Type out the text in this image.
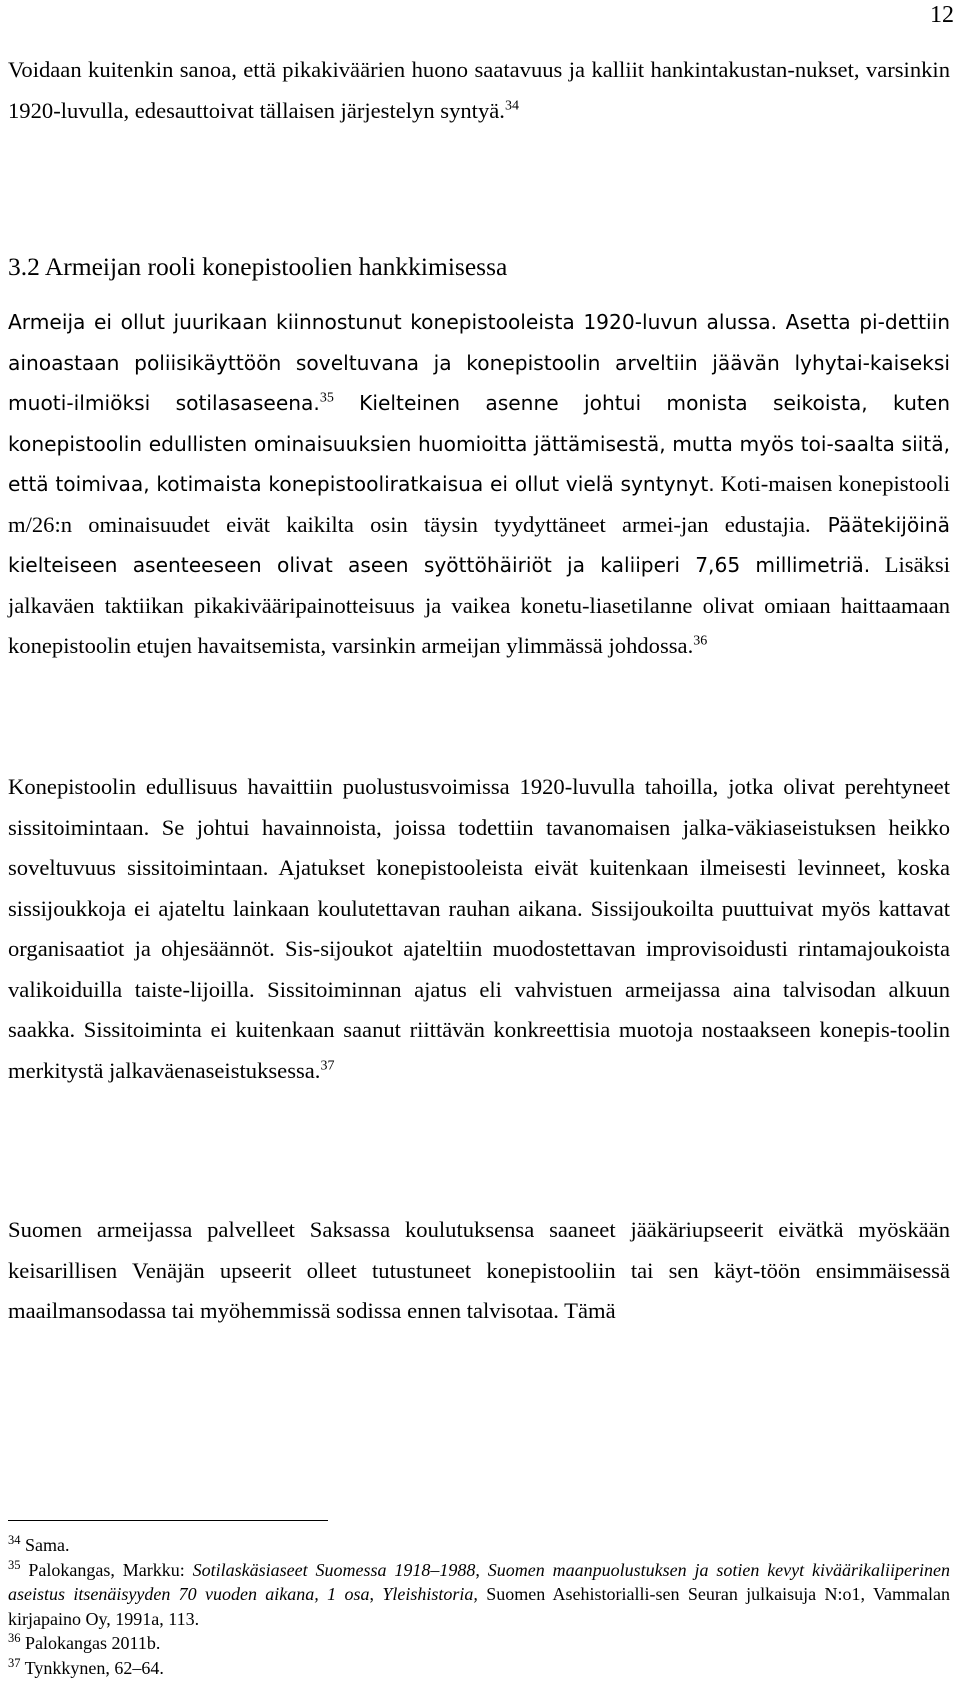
12

Voidaan kuitenkin sanoa, että pikakiväärien huono saatavuus ja kalliit hankintakustan-nukset, varsinkin 1920-luvulla, edesauttoivat tällaisen järjestelyn syntyä.$^{34}$

3.2 Armeijan rooli konepistoolien hankkimisessa

Armeija ei ollut juurikaan kiinnostunut konepistooleista 1920-luvun alussa. Asetta pi-dettiin ainoastaan poliisikäyttöön soveltuvana ja konepistoolin arveltiin jäävän lyhytai-kaiseksi muoti-ilmiöksi sotilasaseena.$^{35}$ Kielteinen asenne johtui monista seikoista, kuten konepistoolin edullisten ominaisuuksien huomioitta jättämisestä, mutta myös toi-saalta siitä, että toimivaa, kotimaista konepistooliratkaisua ei ollut vielä syntynyt. Koti-maisen konepistooli m/26:n ominaisuudet eivät kaikilta osin täysin tyydyttäneet armei-jan edustajia. Päätekijöinä kielteiseen asenteeseen olivat aseen syöttöhäiriöt ja kaliiperi 7,65 millimetriä. Lisäksi jalkaväen taktiikan pikakivääripainotteisuus ja vaikea konetu-liasetilanne olivat omiaan haittaamaan konepistoolin etujen havaitsemista, varsinkin armeijan ylimmässä johdossa.$^{36}$

Konepistoolin edullisuus havaittiin puolustusvoimissa 1920-luvulla tahoilla, jotka olivat perehtyneet sissitoimintaan. Se johtui havainnoista, joissa todettiin tavanomaisen jalka-väkiaseistuksen heikko soveltuvuus sissitoimintaan. Ajatukset konepistooleista eivät kuitenkaan ilmeisesti levinneet, koska sissijoukkoja ei ajateltu lainkaan koulutettavan rauhan aikana. Sissijoukoilta puuttuivat myös kattavat organisaatiot ja ohjesäännöt. Sis-sijoukot ajateltiin muodostettavan improvisoidusti rintamajoukoista valikoiduilla taiste-lijoilla. Sissitoiminnan ajatus eli vahvistuen armeijassa aina talvisodan alkuun saakka. Sissitoiminta ei kuitenkaan saanut riittävän konkreettisia muotoja nostaakseen konepis-toolin merkitystä jalkaväenaseistuksessa.$^{37}$

Suomen armeijassa palvelleet Saksassa koulutuksensa saaneet jääkäriupseerit eivätkä myöskään keisarillisen Venäjän upseerit olleet tutustuneet konepistooliin tai sen käyt-töön ensimmäisessä maailmansodassa tai myöhemmissä sodissa ennen talvisotaa. Tämä

$^{34}$ Sama.

$^{35}$ Palokangas, Markku: Sotilaskäsiaseet Suomessa 1918–1988, Suomen maanpuolustuksen ja sotien kevyt kiväärikaliiperinen aseistus itsenäisyyden 70 vuoden aikana, 1 osa, Yleishistoria, Suomen Asehistorialli-sen Seuran julkaisuja N:o1, Vammalan kirjapaino Oy, 1991a, 113.

$^{36}$ Palokangas 2011b.

$^{37}$ Tynkkynen, 62–64.
